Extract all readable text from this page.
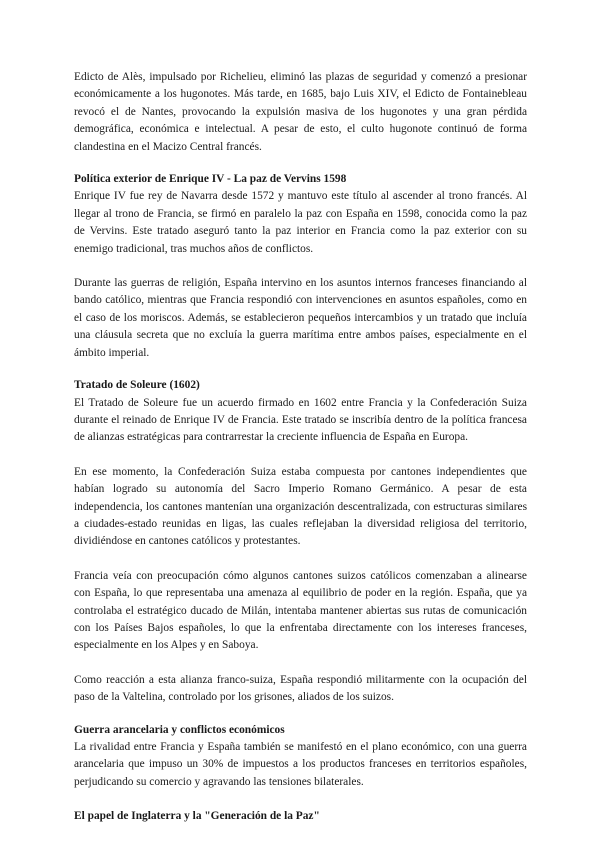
Edicto de Alès, impulsado por Richelieu, eliminó las plazas de seguridad y comenzó a presionar económicamente a los hugonotes. Más tarde, en 1685, bajo Luis XIV, el Edicto de Fontainebleau revocó el de Nantes, provocando la expulsión masiva de los hugonotes y una gran pérdida demográfica, económica e intelectual. A pesar de esto, el culto hugonote continuó de forma clandestina en el Macizo Central francés.

Política exterior de Enrique IV - La paz de Vervins 1598

Enrique IV fue rey de Navarra desde 1572 y mantuvo este título al ascender al trono francés. Al llegar al trono de Francia, se firmó en paralelo la paz con España en 1598, conocida como la paz de Vervins. Este tratado aseguró tanto la paz interior en Francia como la paz exterior con su enemigo tradicional, tras muchos años de conflictos.

Durante las guerras de religión, España intervino en los asuntos internos franceses financiando al bando católico, mientras que Francia respondió con intervenciones en asuntos españoles, como en el caso de los moriscos. Además, se establecieron pequeños intercambios y un tratado que incluía una cláusula secreta que no excluía la guerra marítima entre ambos países, especialmente en el ámbito imperial.

Tratado de Soleure (1602)

El Tratado de Soleure fue un acuerdo firmado en 1602 entre Francia y la Confederación Suiza durante el reinado de Enrique IV de Francia. Este tratado se inscribía dentro de la política francesa de alianzas estratégicas para contrarrestar la creciente influencia de España en Europa.

En ese momento, la Confederación Suiza estaba compuesta por cantones independientes que habían logrado su autonomía del Sacro Imperio Romano Germánico. A pesar de esta independencia, los cantones mantenían una organización descentralizada, con estructuras similares a ciudades-estado reunidas en ligas, las cuales reflejaban la diversidad religiosa del territorio, dividiéndose en cantones católicos y protestantes.

Francia veía con preocupación cómo algunos cantones suizos católicos comenzaban a alinearse con España, lo que representaba una amenaza al equilibrio de poder en la región. España, que ya controlaba el estratégico ducado de Milán, intentaba mantener abiertas sus rutas de comunicación con los Países Bajos españoles, lo que la enfrentaba directamente con los intereses franceses, especialmente en los Alpes y en Saboya.

Como reacción a esta alianza franco-suiza, España respondió militarmente con la ocupación del paso de la Valtelina, controlado por los grisones, aliados de los suizos.

Guerra arancelaria y conflictos económicos

La rivalidad entre Francia y España también se manifestó en el plano económico, con una guerra arancelaria que impuso un 30% de impuestos a los productos franceses en territorios españoles, perjudicando su comercio y agravando las tensiones bilaterales.

El papel de Inglaterra y la "Generación de la Paz"
